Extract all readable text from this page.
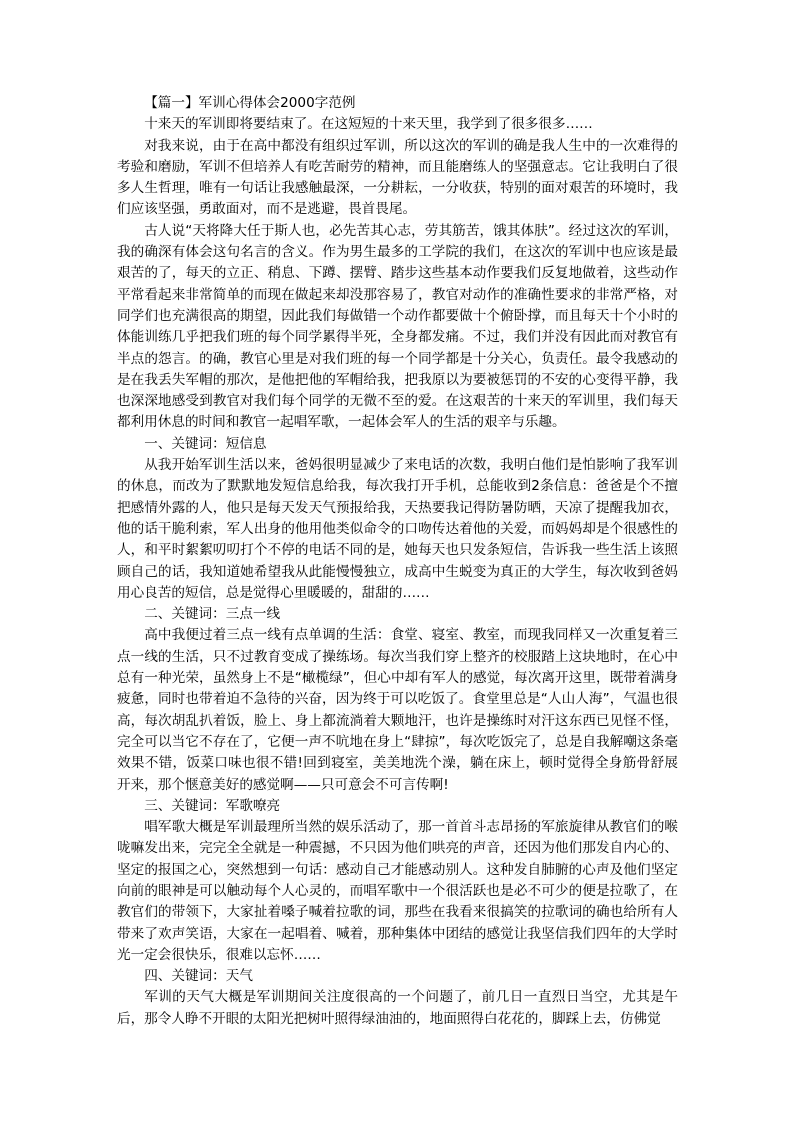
【篇一】军训心得体会2000字范例

十来天的军训即将要结束了。在这短短的十来天里，我学到了很多很多……

对我来说，由于在高中都没有组织过军训，所以这次的军训的确是我人生中的一次难得的考验和磨励，军训不但培养人有吃苦耐劳的精神，而且能磨练人的坚强意志。它让我明白了很多人生哲理，唯有一句话让我感触最深，一分耕耘，一分收获，特别的面对艰苦的环境时，我们应该坚强，勇敢面对，而不是逃避，畏首畏尾。

古人说“天将降大任于斯人也，必先苦其心志，劳其筋苦，饿其体肤”。经过这次的军训，我的确深有体会这句名言的含义。作为男生最多的工学院的我们，在这次的军训中也应该是最艰苦的了，每天的立正、稍息、下蹲、摆臂、踏步这些基本动作要我们反复地做着，这些动作平常看起来非常简单的而现在做起来却没那容易了，教官对动作的准确性要求的非常严格，对同学们也充满很高的期望，因此我们每做错一个动作都要做十个俯卧撑，而且每天十个小时的体能训练几乎把我们班的每个同学累得半死，全身都发痛。不过，我们并没有因此而对教官有半点的怨言。的确，教官心里是对我们班的每一个同学都是十分关心，负责任。最令我感动的是在我丢失军帽的那次，是他把他的军帽给我，把我原以为要被惩罚的不安的心变得平静，我也深深地感受到教官对我们每个同学的无微不至的爱。在这艰苦的十来天的军训里，我们每天都利用休息的时间和教官一起唱军歌，一起体会军人的生活的艰辛与乐趣。

一、关键词：短信息

从我开始军训生活以来，爸妈很明显减少了来电话的次数，我明白他们是怕影响了我军训的休息，而改为了默默地发短信息给我，每次我打开手机，总能收到2条信息：爸爸是个不擅把感情外露的人，他只是每天发天气预报给我，天热要我记得防暑防晒，天凉了提醒我加衣，他的话干脆利索，军人出身的他用他类似命令的口吻传达着他的关爱，而妈妈却是个很感性的人，和平时絮絮叨叨打个不停的电话不同的是，她每天也只发条短信，告诉我一些生活上该照顾自己的话，我知道她希望我从此能慢慢独立，成高中生蜕变为真正的大学生，每次收到爸妈用心良苦的短信，总是觉得心里暖暖的，甜甜的……

二、关键词：三点一线

高中我便过着三点一线有点单调的生活：食堂、寝室、教室，而现我同样又一次重复着三点一线的生活，只不过教育变成了操练场。每次当我们穿上整齐的校服踏上这块地时，在心中总有一种光荣，虽然身上不是“橄榄绿”，但心中却有军人的感觉，每次离开这里，既带着满身疲惫，同时也带着迫不急待的兴奋，因为终于可以吃饭了。食堂里总是“人山人海”，气温也很高，每次胡乱扒着饭，脸上、身上都流淌着大颗地汗，也许是操练时对汗这东西已见怪不怪，完全可以当它不存在了，它便一声不吭地在身上“肆掠”，每次吃饭完了，总是自我解嘲这条毫效果不错，饭菜口味也很不错!回到寝室，美美地洗个澡，躺在床上，顿时觉得全身筋骨舒展开来，那个惬意美好的感觉啊——只可意会不可言传啊!

三、关键词：军歌嘹亮

唱军歌大概是军训最理所当然的娱乐活动了，那一首首斗志昂扬的军旅旋律从教官们的喉咙嘛发出来，完完全全就是一种震撼，不只因为他们哄亮的声音，还因为他们那发自内心的、坚定的报国之心，突然想到一句话：感动自己才能感动别人。这种发自肺腑的心声及他们坚定向前的眼神是可以触动每个人心灵的，而唱军歌中一个很活跃也是必不可少的便是拉歌了，在教官们的带领下，大家扯着嗓子喊着拉歌的词，那些在我看来很搞笑的拉歌词的确也给所有人带来了欢声笑语，大家在一起唱着、喊着，那种集体中团结的感觉让我坚信我们四年的大学时光一定会很快乐，很难以忘怀……

四、关键词：天气

军训的天气大概是军训期间关注度很高的一个问题了，前几日一直烈日当空，尤其是午后，那令人睁不开眼的太阳光把树叶照得绿油油的，地面照得白花花的，脚踩上去，仿佛觉
